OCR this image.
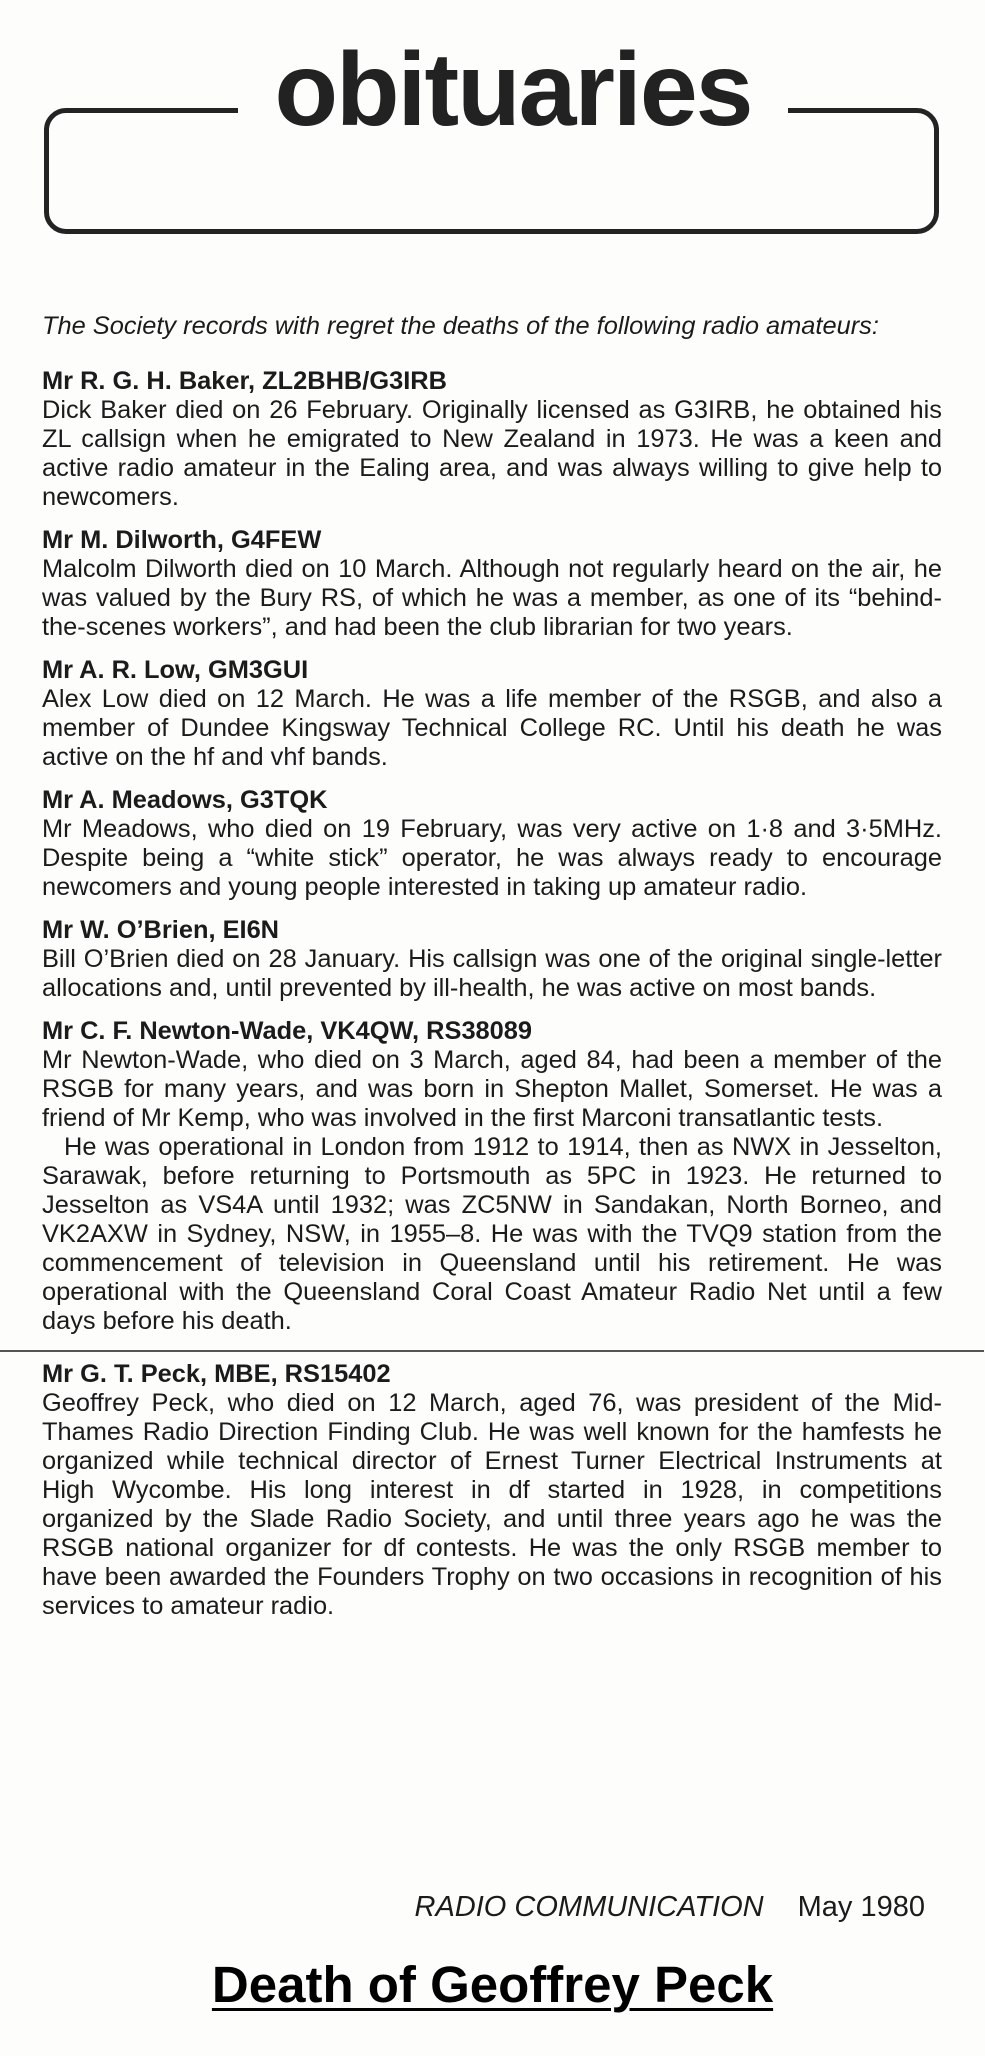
obituaries

The Society records with regret the deaths of the following radio amateurs:

Mr R. G. H. Baker, ZL2BHB/G3IRB

Dick Baker died on 26 February. Originally licensed as G3IRB, he obtained his ZL callsign when he emigrated to New Zealand in 1973. He was a keen and active radio amateur in the Ealing area, and was always willing to give help to newcomers.

Mr M. Dilworth, G4FEW

Malcolm Dilworth died on 10 March. Although not regularly heard on the air, he was valued by the Bury RS, of which he was a member, as one of its “behind-the-scenes workers”, and had been the club librarian for two years.

Mr A. R. Low, GM3GUI

Alex Low died on 12 March. He was a life member of the RSGB, and also a member of Dundee Kingsway Technical College RC. Until his death he was active on the hf and vhf bands.

Mr A. Meadows, G3TQK

Mr Meadows, who died on 19 February, was very active on 1·8 and 3·5MHz. Despite being a “white stick” operator, he was always ready to encourage newcomers and young people interested in taking up amateur radio.

Mr W. O’Brien, EI6N

Bill O’Brien died on 28 January. His callsign was one of the original single-letter allocations and, until prevented by ill-health, he was active on most bands.

Mr C. F. Newton-Wade, VK4QW, RS38089

Mr Newton-Wade, who died on 3 March, aged 84, had been a member of the RSGB for many years, and was born in Shepton Mallet, Somerset. He was a friend of Mr Kemp, who was involved in the first Marconi transatlantic tests.

He was operational in London from 1912 to 1914, then as NWX in Jesselton, Sarawak, before returning to Portsmouth as 5PC in 1923. He returned to Jesselton as VS4A until 1932; was ZC5NW in Sandakan, North Borneo, and VK2AXW in Sydney, NSW, in 1955–8. He was with the TVQ9 station from the commencement of television in Queensland until his retirement. He was operational with the Queensland Coral Coast Amateur Radio Net until a few days before his death.

Mr G. T. Peck, MBE, RS15402

Geoffrey Peck, who died on 12 March, aged 76, was president of the Mid-Thames Radio Direction Finding Club. He was well known for the hamfests he organized while technical director of Ernest Turner Electrical Instruments at High Wycombe. His long interest in df started in 1928, in competitions organized by the Slade Radio Society, and until three years ago he was the RSGB national organizer for df contests. He was the only RSGB member to have been awarded the Founders Trophy on two occasions in recognition of his services to amateur radio.

RADIO COMMUNICATION May 1980
Death of Geoffrey Peck
